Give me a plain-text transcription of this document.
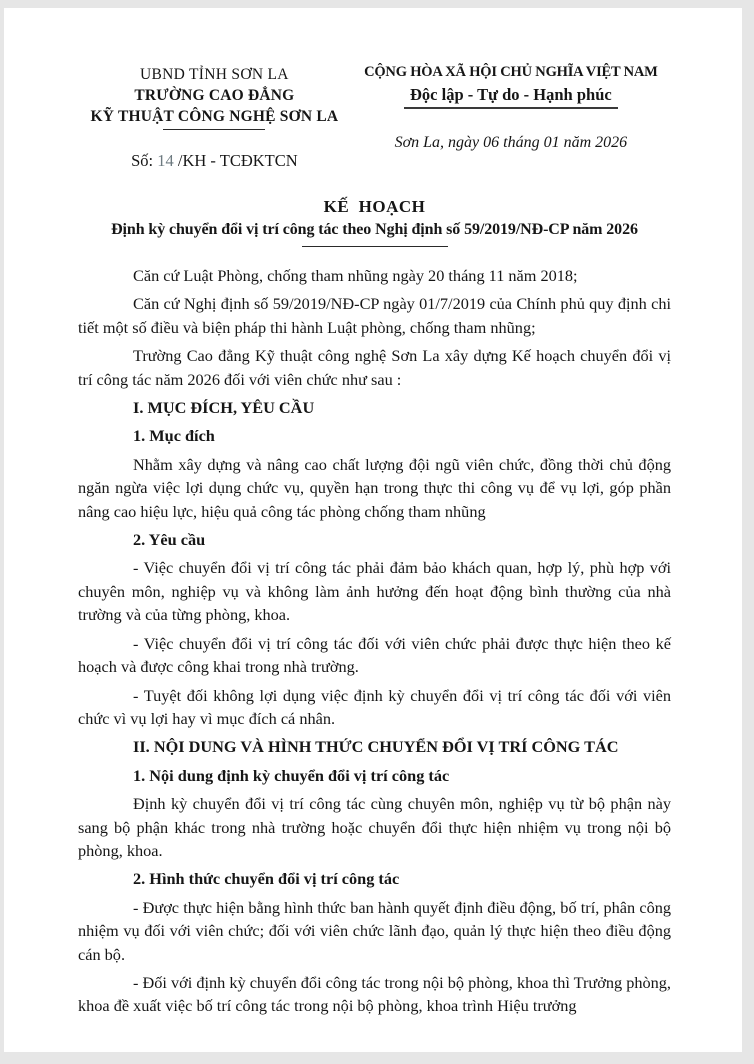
UBND TỈNH SƠN LA
TRƯỜNG CAO ĐẲNG
KỸ THUẬT CÔNG NGHỆ SƠN LA
Số: 14 /KH - TCĐKTCN
CỘNG HÒA XÃ HỘI CHỦ NGHĨA VIỆT NAM
Độc lập - Tự do - Hạnh phúc
Sơn La, ngày 06 tháng 01 năm 2026
KẾ  HOẠCH
Định kỳ chuyển đổi vị trí công tác theo Nghị định số 59/2019/NĐ-CP năm 2026

Căn cứ Luật Phòng, chống tham nhũng ngày 20 tháng 11 năm 2018;

Căn cứ Nghị định số 59/2019/NĐ-CP ngày 01/7/2019 của Chính phủ quy định chi tiết một số điều và biện pháp thi hành Luật phòng, chống tham nhũng;

Trường Cao đẳng Kỹ thuật công nghệ Sơn La xây dựng Kế hoạch chuyển đổi vị trí công tác năm 2026 đối với viên chức như sau :

I. MỤC ĐÍCH, YÊU CẦU

1. Mục đích

Nhằm xây dựng và nâng cao chất lượng đội ngũ viên chức, đồng thời chủ động ngăn ngừa việc lợi dụng chức vụ, quyền hạn trong thực thi công vụ để vụ lợi, góp phần nâng cao hiệu lực, hiệu quả công tác phòng chống tham nhũng

2. Yêu cầu

- Việc chuyển đổi vị trí công tác phải đảm bảo khách quan, hợp lý, phù hợp với chuyên môn, nghiệp vụ và không làm ảnh hưởng đến hoạt động bình thường của nhà trường và của từng phòng, khoa.

- Việc chuyển đổi vị trí công tác đối với viên chức phải được thực hiện theo kế hoạch và được công khai trong nhà trường.

- Tuyệt đối không lợi dụng việc định kỳ chuyển đổi vị trí công tác đối với viên chức vì vụ lợi hay vì mục đích cá nhân.

II. NỘI DUNG VÀ HÌNH THỨC CHUYỂN ĐỔI VỊ TRÍ CÔNG TÁC

1. Nội dung định kỳ chuyển đổi vị trí công tác

Định kỳ chuyển đổi vị trí công tác cùng chuyên môn, nghiệp vụ từ bộ phận này sang bộ phận khác trong nhà trường hoặc chuyển đổi thực hiện nhiệm vụ trong nội bộ phòng, khoa.

2. Hình thức chuyển đổi vị trí công tác

- Được thực hiện bằng hình thức ban hành quyết định điều động, bố trí, phân công nhiệm vụ đối với viên chức; đối với viên chức lãnh đạo, quản lý thực hiện theo điều động cán bộ.

- Đối với định kỳ chuyển đổi công tác trong nội bộ phòng, khoa thì Trưởng phòng, khoa đề xuất việc bố trí công tác trong nội bộ phòng, khoa trình Hiệu trưởng
